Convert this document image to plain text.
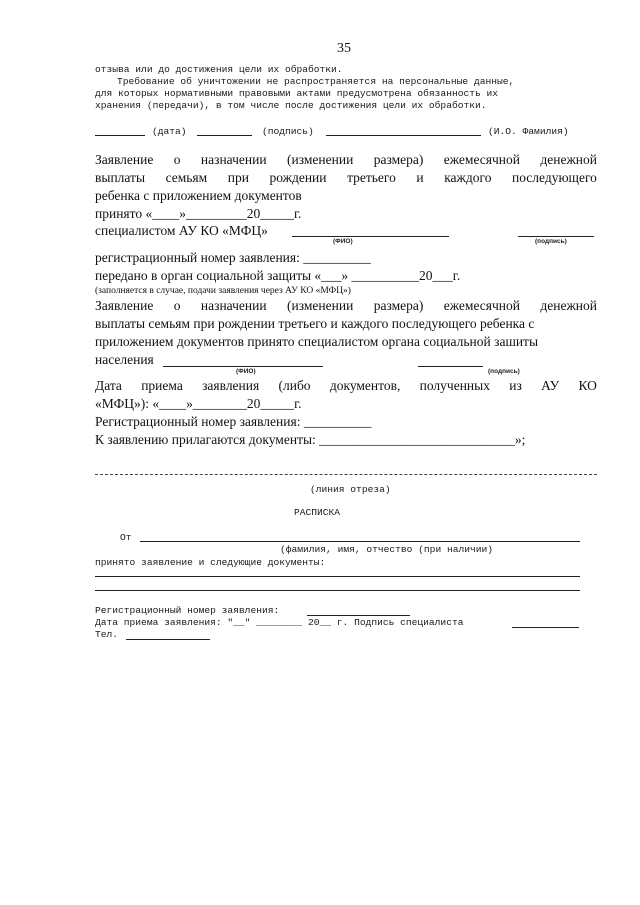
35
отзыва или до достижения цели их обработки.
Требование об уничтожении не распространяется на персональные данные,
для которых нормативными правовыми актами предусмотрена обязанность их
хранения (передачи), в том числе после достижения цели их обработки.
(дата)	(подпись)	(И.О. Фамилия)
Заявление о назначении (изменении размера) ежемесячной денежной
выплаты семьям при рождении третьего и каждого последующего
ребенка с приложением документов
принято «____»_________20_____г.
специалистом АУ КО «МФЦ»
(ФИО)	(подпись)
регистрационный номер заявления: __________
передано в орган социальной защиты «___» __________20___г.
(заполняется в случае, подачи заявления через АУ КО «МФЦ»)
Заявление о назначении (изменении размера) ежемесячной денежной
выплаты семьям при рождении третьего и каждого последующего ребенка с
приложением документов принято специалистом органа социальной зашиты
населения
(ФИО)	(подпись)
Дата приема заявления (либо документов, полученных из АУ КО
«МФЦ»): «____»________20_____г.
Регистрационный номер заявления: __________
К заявлению прилагаются документы: _____________________________»;
(линия отреза)
РАСПИСКА
От
(фамилия, имя, отчество (при наличии)
принято заявление и следующие документы:
Регистрационный номер заявления:
Дата приема заявления: "__" ________ 20__ г. Подпись специалиста
Тел.
